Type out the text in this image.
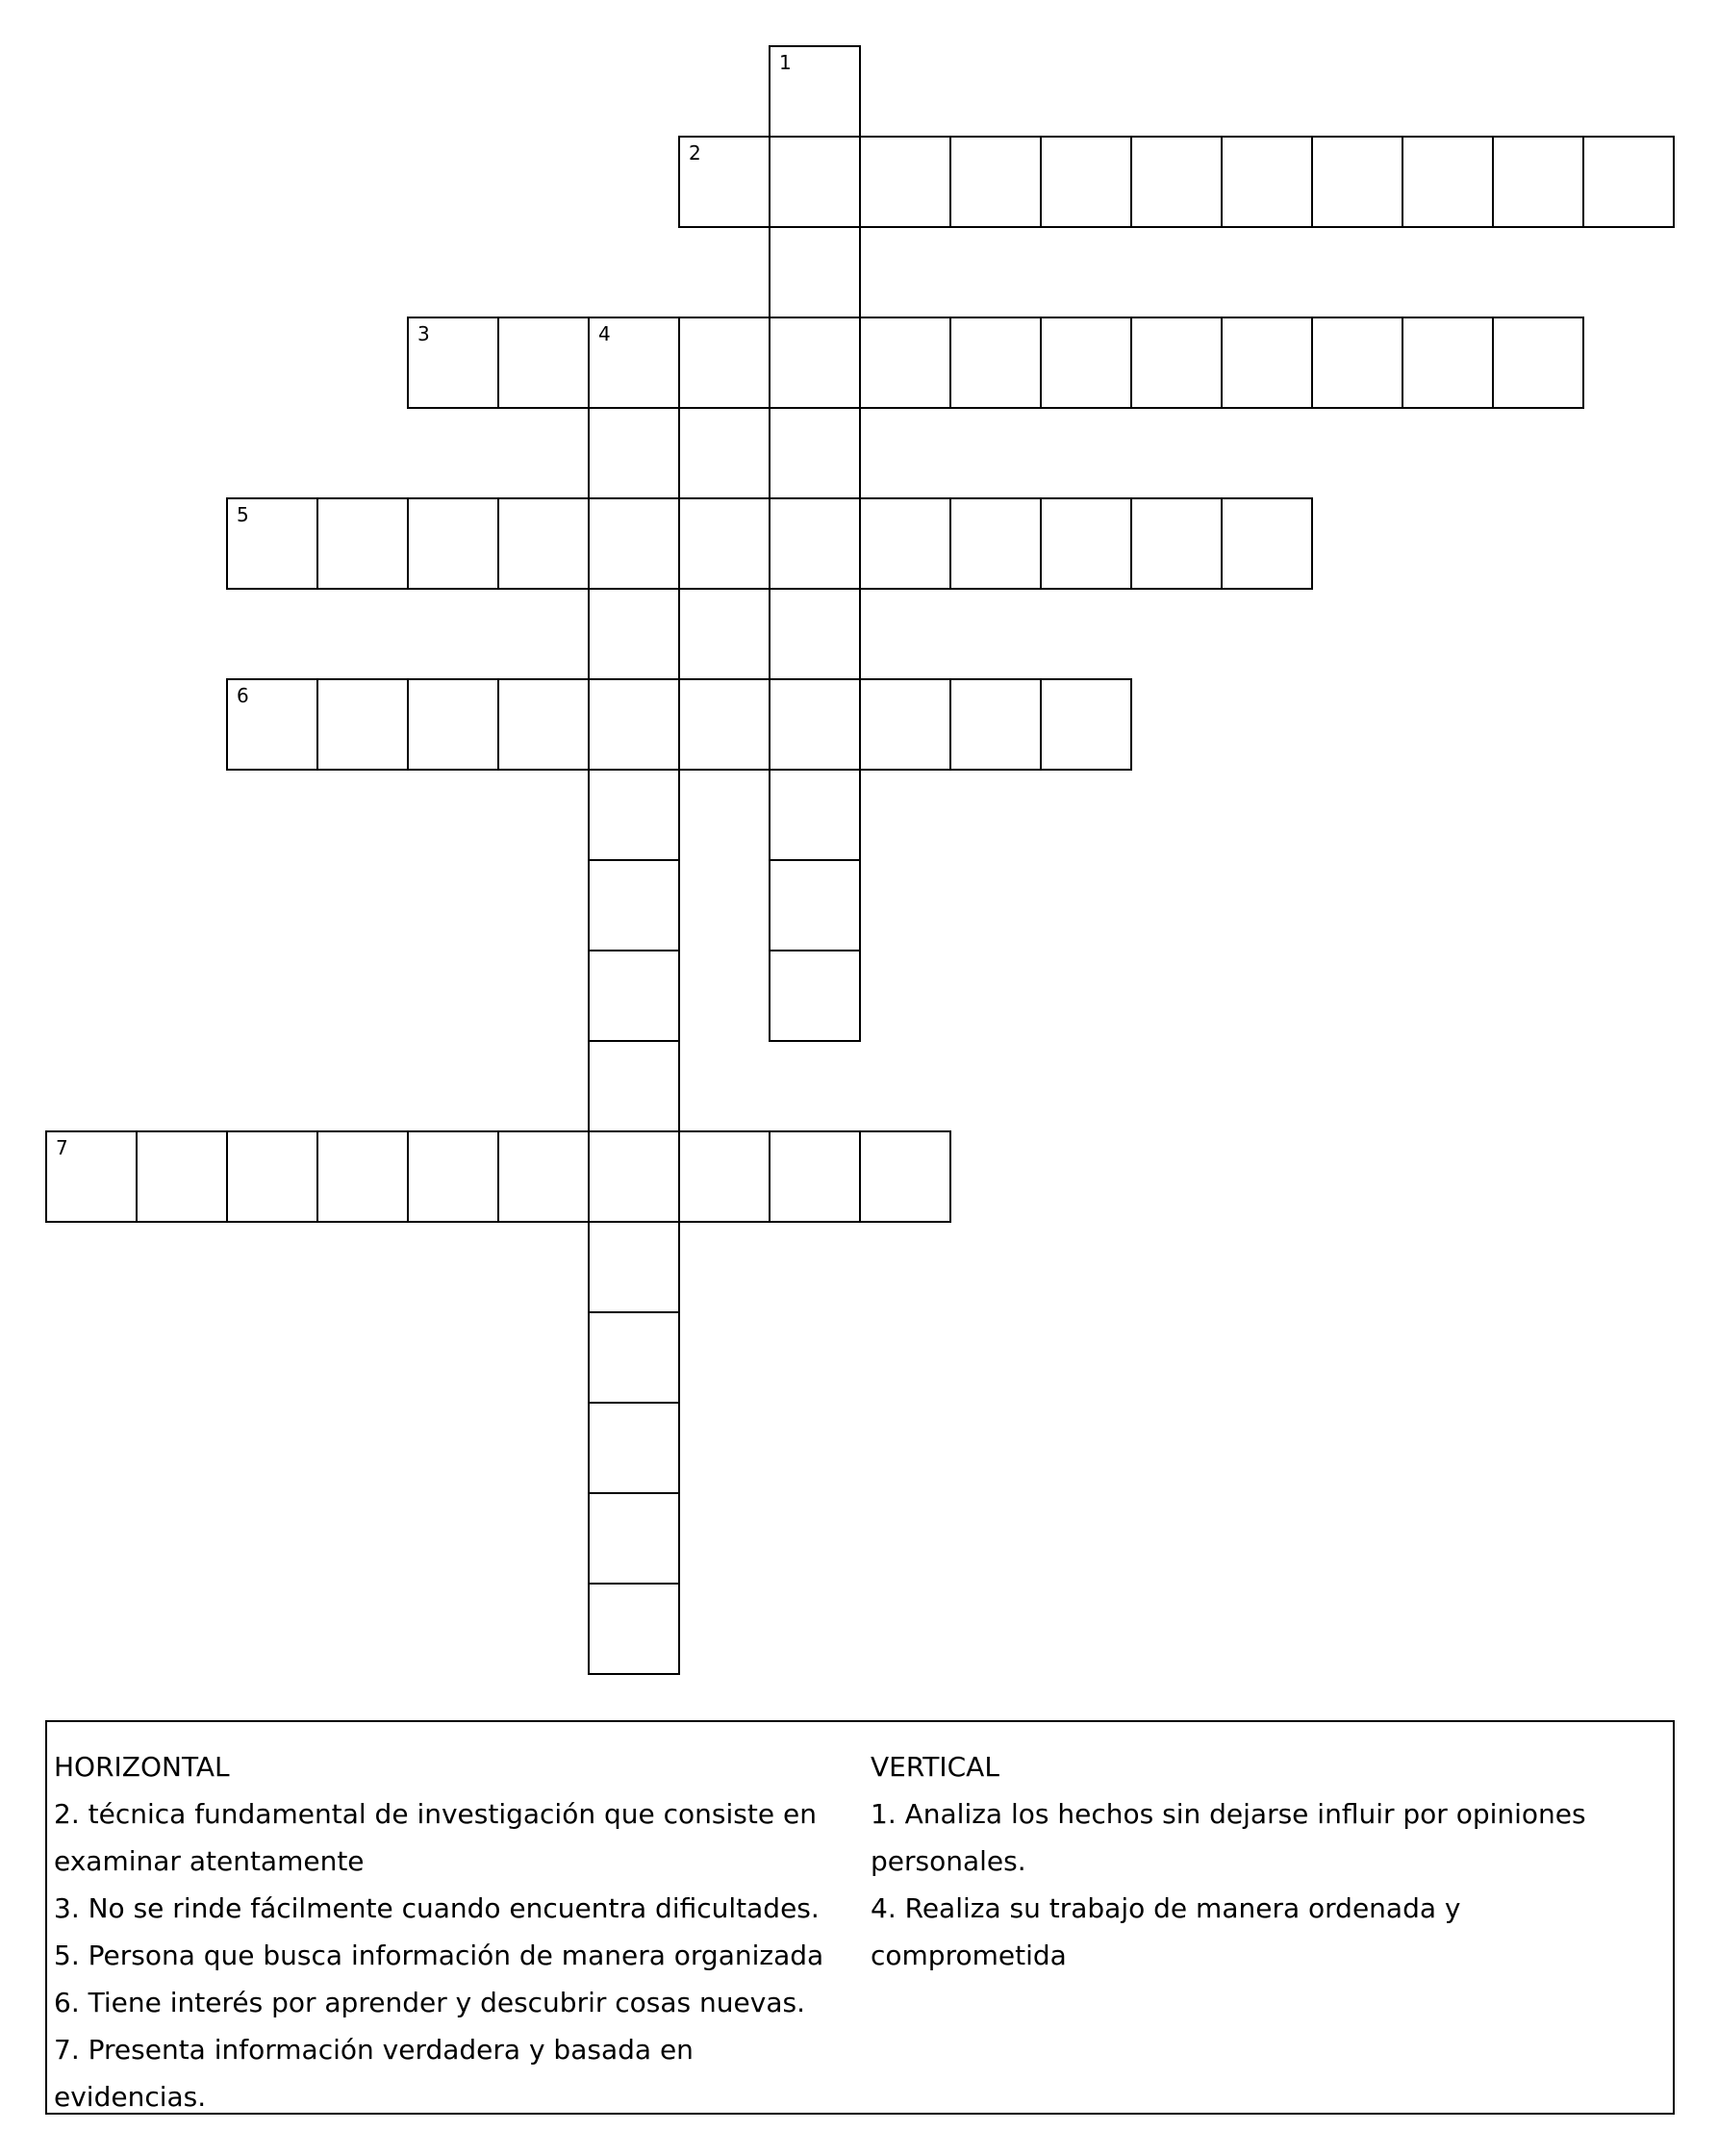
1
2
3	4
5
6
7

HORIZONTAL

2. técnica fundamental de investigación que consiste en examinar atentamente

3. No se rinde fácilmente cuando encuentra dificultades.

5. Persona que busca información de manera organizada

6. Tiene interés por aprender y descubrir cosas nuevas.

7. Presenta información verdadera y basada en evidencias.

VERTICAL

1. Analiza los hechos sin dejarse influir por opiniones personales.

4. Realiza su trabajo de manera ordenada y comprometida
